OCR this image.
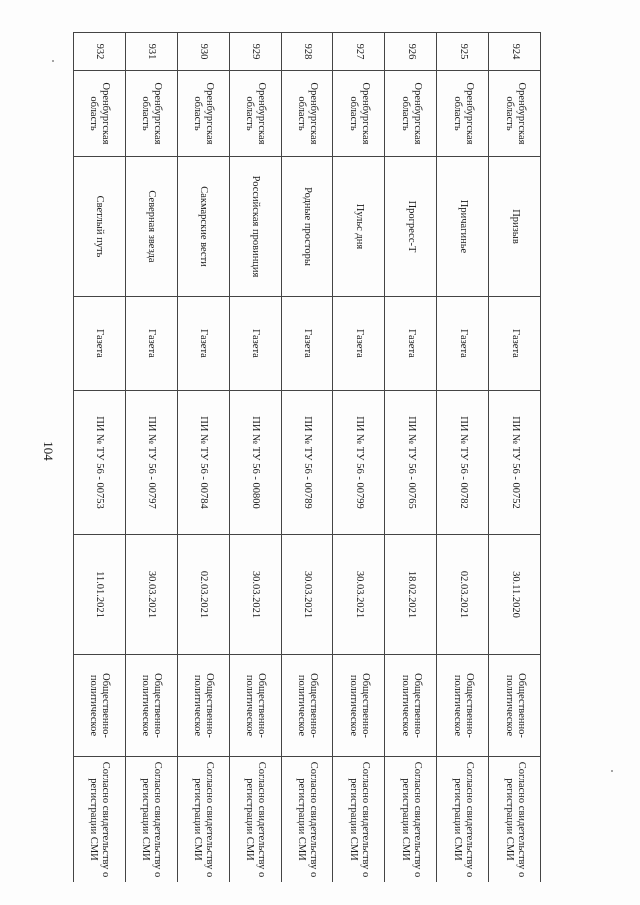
104
924	Оренбургская область	Призыв	Газета	ПИ № ТУ 56 - 00752	30.11.2020	Общественно-политическое	Согласно свидетельству о регистрации СМИ
925	Оренбургская область	Причагинье	Газета	ПИ № ТУ 56 - 00782	02.03.2021	Общественно-политическое	Согласно свидетельству о регистрации СМИ
926	Оренбургская область	Прогресс-Т	Газета	ПИ № ТУ 56 - 00765	18.02.2021	Общественно-политическое	Согласно свидетельству о регистрации СМИ
927	Оренбургская область	Пульс дня	Газета	ПИ № ТУ 56 - 00799	30.03.2021	Общественно-политическое	Согласно свидетельству о регистрации СМИ
928	Оренбургская область	Родные просторы	Газета	ПИ № ТУ 56 - 00789	30.03.2021	Общественно-политическое	Согласно свидетельству о регистрации СМИ
929	Оренбургская область	Российская провинция	Газета	ПИ № ТУ 56 - 00800	30.03.2021	Общественно-политическое	Согласно свидетельству о регистрации СМИ
930	Оренбургская область	Сакмарские вести	Газета	ПИ № ТУ 56 - 00784	02.03.2021	Общественно-политическое	Согласно свидетельству о регистрации СМИ
931	Оренбургская область	Северная звезда	Газета	ПИ № ТУ 56 - 00797	30.03.2021	Общественно-политическое	Согласно свидетельству о регистрации СМИ
932	Оренбургская область	Светлый путь	Газета	ПИ № ТУ 56 - 00753	11.01.2021	Общественно-политическое	Согласно свидетельству о регистрации СМИ
